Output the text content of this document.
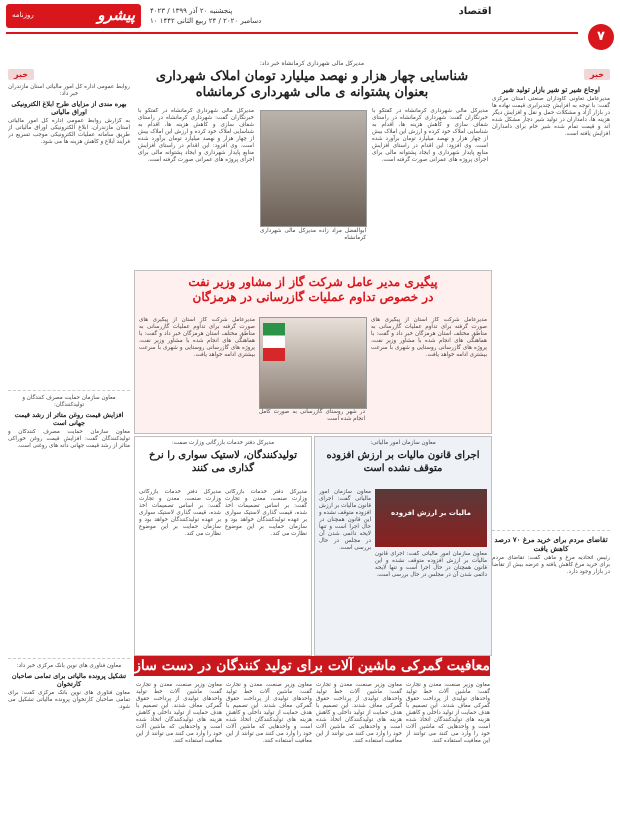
پیشرو
روزنامه	پنجشنبه ۲۰ آذر ۱۳۹۹ / ۴۰۲۳
۱۰ دسامبر ۲۰۲۰ / ۲۴ ربیع الثانی ۱۴۴۲
اقتصاد
۷
خبر
اوجاع شیر تو شیر بازار تولید شیر
مدیرعامل تعاونی گاوداران صنعتی استان مرکزی گفت: با توجه به افزایش چندبرابری قیمت نهاده ها در بازار آزاد و مشکلات حمل و نقل و افزایش دیگر هزینه ها، دامداران در تولید شیر دچار مشکل شده اند و قیمت تمام شده شیر خام برای دامداران افزایش یافته است.
تقاضای مردم برای خرید مرغ ۷۰ درصد کاهش یافت
رئیس اتحادیه مرغ و ماهی گفت: تقاضای مردم برای خرید مرغ کاهش یافته و عرضه بیش از تقاضا در بازار وجود دارد.
خبر
روابط عمومی اداره کل امور مالیاتی استان مازندران خبر داد:
بهره مندی از مزایای طرح ابلاغ الکترونیکی اوراق مالیاتی
به گزارش روابط عمومی اداره کل امور مالیاتی استان مازندران، ابلاغ الکترونیکی اوراق مالیاتی از طریق سامانه عملیات الکترونیکی موجب تسریع در فرایند ابلاغ و کاهش هزینه ها می شود.
معاون سازمان حمایت مصرف کنندگان و تولیدکنندگان:
افزایش قیمت روغن متاثر از رشد قیمت جهانی است
معاون سازمان حمایت مصرف کنندگان و تولیدکنندگان گفت: افزایش قیمت روغن خوراکی متاثر از رشد قیمت جهانی دانه های روغنی است.
معاون فناوری های نوین بانک مرکزی خبر داد:
تشکیل پرونده مالیاتی برای تمامی صاحبان کارتخوان
معاون فناوری های نوین بانک مرکزی گفت: برای تمامی صاحبان کارتخوان پرونده مالیاتی تشکیل می شود.
مدیرکل مالی شهرداری کرمانشاه خبر داد:
شناسایی چهار هزار و نهصد میلیارد تومان املاک شهرداری
بعنوان پشتوانه ی مالی شهرداری کرمانشاه
مدیرکل مالی شهرداری کرمانشاه در گفتگو با خبرنگاران گفت: شهرداری کرمانشاه در راستای شفاف سازی و کاهش هزینه ها، اقدام به شناسایی املاک خود کرده و ارزش این املاک بیش از چهار هزار و نهصد میلیارد تومان برآورد شده است. وی افزود: این اقدام در راستای افزایش منابع پایدار شهرداری و ایجاد پشتوانه مالی برای اجرای پروژه های عمرانی صورت گرفته است.
ابوالفضل مراد زاده مدیرکل مالی شهرداری کرمانشاه
مدیرکل مالی شهرداری کرمانشاه در گفتگو با خبرنگاران گفت: شهرداری کرمانشاه در راستای شفاف سازی و کاهش هزینه ها، اقدام به شناسایی املاک خود کرده و ارزش این املاک بیش از چهار هزار و نهصد میلیارد تومان برآورد شده است. وی افزود: این اقدام در راستای افزایش منابع پایدار شهرداری و ایجاد پشتوانه مالی برای اجرای پروژه های عمرانی صورت گرفته است.
پیگیری مدیر عامل شرکت گاز از مشاور وزیر نفت
در خصوص تداوم عملیات گازرسانی در هرمزگان
مدیرعامل شرکت گاز استان از پیگیری های صورت گرفته برای تداوم عملیات گازرسانی به مناطق مختلف استان هرمزگان خبر داد و گفت: با هماهنگی های انجام شده با مشاور وزیر نفت، پروژه های گازرسانی روستایی و شهری با سرعت بیشتری ادامه خواهد یافت.
در شهر روستای گازرسانی به صورت کامل انجام شده است
مدیرعامل شرکت گاز استان از پیگیری های صورت گرفته برای تداوم عملیات گازرسانی به مناطق مختلف استان هرمزگان خبر داد و گفت: با هماهنگی های انجام شده با مشاور وزیر نفت، پروژه های گازرسانی روستایی و شهری با سرعت بیشتری ادامه خواهد یافت.
معاون سازمان امور مالیاتی:
اجرای قانون مالیات بر ارزش افزوده متوقف نشده است
معاون سازمان امور مالیاتی گفت: اجرای قانون مالیات بر ارزش افزوده متوقف نشده و این قانون همچنان در حال اجرا است و تنها لایحه دائمی شدن آن در مجلس در حال بررسی است.
مالیات بر ارزش افزوده
معاون سازمان امور مالیاتی گفت: اجرای قانون مالیات بر ارزش افزوده متوقف نشده و این قانون همچنان در حال اجرا است و تنها لایحه دائمی شدن آن در مجلس در حال بررسی است.
مدیرکل دفتر خدمات بازرگانی وزارت صمت:
تولیدکنندگان، لاستیک سواری را نرخ گذاری می کنند
مدیرکل دفتر خدمات بازرگانی وزارت صنعت، معدن و تجارت گفت: بر اساس تصمیمات اخذ شده، قیمت گذاری لاستیک سواری بر عهده تولیدکنندگان خواهد بود و سازمان حمایت بر این موضوع نظارت می کند.
مدیرکل دفتر خدمات بازرگانی وزارت صنعت، معدن و تجارت گفت: بر اساس تصمیمات اخذ شده، قیمت گذاری لاستیک سواری بر عهده تولیدکنندگان خواهد بود و سازمان حمایت بر این موضوع نظارت می کند.
معافیت گمرکی ماشین آلات برای تولید کنندگان در دست ساز شد
معاون وزیر صنعت، معدن و تجارت گفت: ماشین آلات خط تولید واحدهای تولیدی از پرداخت حقوق گمرکی معاف شدند. این تصمیم با هدف حمایت از تولید داخلی و کاهش هزینه های تولیدکنندگان اتخاذ شده است و واحدهایی که ماشین آلات خود را وارد می کنند می توانند از این معافیت استفاده کنند.
معاون وزیر صنعت، معدن و تجارت گفت: ماشین آلات خط تولید واحدهای تولیدی از پرداخت حقوق گمرکی معاف شدند. این تصمیم با هدف حمایت از تولید داخلی و کاهش هزینه های تولیدکنندگان اتخاذ شده است و واحدهایی که ماشین آلات خود را وارد می کنند می توانند از این معافیت استفاده کنند.
معاون وزیر صنعت، معدن و تجارت گفت: ماشین آلات خط تولید واحدهای تولیدی از پرداخت حقوق گمرکی معاف شدند. این تصمیم با هدف حمایت از تولید داخلی و کاهش هزینه های تولیدکنندگان اتخاذ شده است و واحدهایی که ماشین آلات خود را وارد می کنند می توانند از این معافیت استفاده کنند.
معاون وزیر صنعت، معدن و تجارت گفت: ماشین آلات خط تولید واحدهای تولیدی از پرداخت حقوق گمرکی معاف شدند. این تصمیم با هدف حمایت از تولید داخلی و کاهش هزینه های تولیدکنندگان اتخاذ شده است و واحدهایی که ماشین آلات خود را وارد می کنند می توانند از این معافیت استفاده کنند.
